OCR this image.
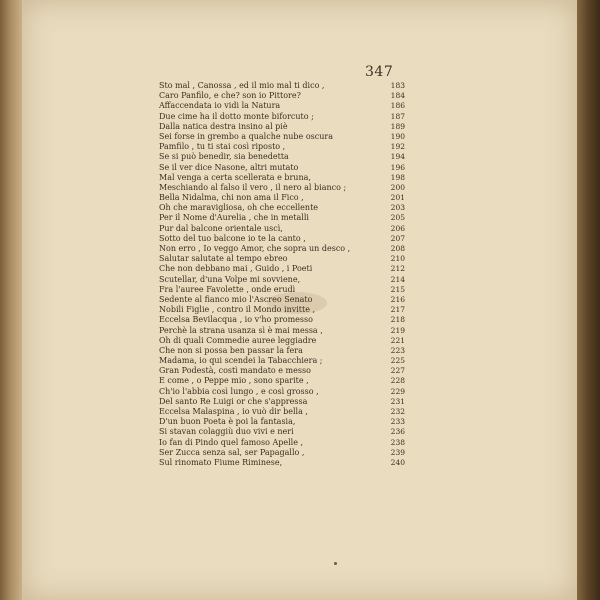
347
Sto mal , Canossa , ed il mio mal ti dico ,	183
Caro Panfilo, e che? son io Pittore?	184
Affaccendata io vidi la Natura	186
Due cime ha il dotto monte biforcuto ;	187
Dalla natica destra insino al piè	189
Sei forse in grembo a qualche nube oscura	190
Pamfilo , tu ti stai così riposto ,	192
Se si può benedir, sia benedetta	194
Se il ver dice Nasone, altri mutato	196
Mal venga a certa scellerata e bruna,	198
Meschiando al falso il vero , il nero al bianco ;	200
Bella Nidalma, chi non ama il Fico ,	201
Oh che maravigliosa, oh che eccellente	203
Per il Nome d'Aurelia , che in metalli	205
Pur dal balcone orientale uscì,	206
Sotto del tuo balcone io te la canto ,	207
Non erro , Io veggo Amor, che sopra un desco ,	208
Salutar salutate al tempo ebreo	210
Che non debbano mai , Guido , i Poeti	212
Scutellar, d'una Volpe mi sovviene,	214
Fra l'auree Favolette , onde erudì	215
Sedente al fianco mio l'Ascreo Senato	216
Nobili Figlie , contro il Mondo invitte ,	217
Eccelsa Bevilacqua , io v'ho promesso	218
Perchè la strana usanza sì è mai messa ,	219
Oh di quali Commedie auree leggiadre	221
Che non si possa ben passar la fera	223
Madama, io qui scendei la Tabacchiera ;	225
Gran Podestà, costì mandato e messo	227
E come , o Peppe mio , sono sparite ,	228
Ch'io l'abbia così lungo , e così grosso ,	229
Del santo Re Luigi or che s'appressa	231
Eccelsa Malaspina , io vuò dir bella ,	232
D'un buon Poeta è poi la fantasia,	233
Si stavan colaggiù duo vivi e neri	236
Io fan di Pindo quel famoso Apelle ,	238
Ser Zucca senza sal, ser Papagallo ,	239
Sul rinomato Fiume Riminese,	240
